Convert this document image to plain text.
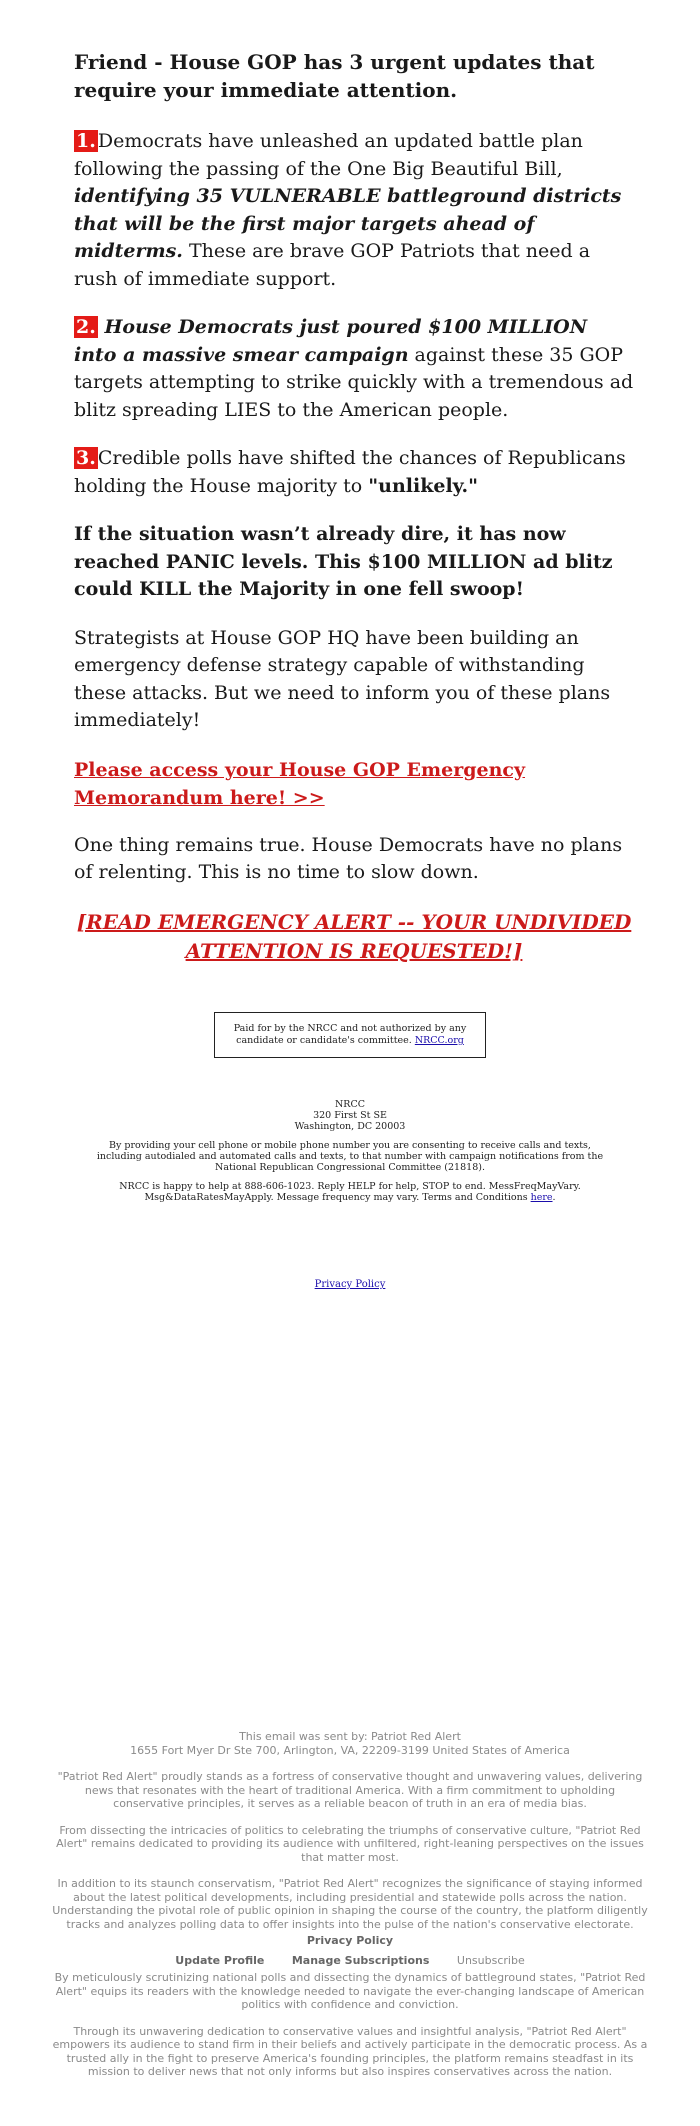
Friend - House GOP has 3 urgent updates that require your immediate attention.

1. Democrats have unleashed an updated battle plan following the passing of the One Big Beautiful Bill, identifying 35 VULNERABLE battleground districts that will be the first major targets ahead of midterms. These are brave GOP Patriots that need a rush of immediate support.

2. House Democrats just poured $100 MILLION into a massive smear campaign against these 35 GOP targets attempting to strike quickly with a tremendous ad blitz spreading LIES to the American people.

3. Credible polls have shifted the chances of Republicans holding the House majority to "unlikely."

If the situation wasn’t already dire, it has now reached PANIC levels. This $100 MILLION ad blitz could KILL the Majority in one fell swoop!

Strategists at House GOP HQ have been building an emergency defense strategy capable of withstanding these attacks. But we need to inform you of these plans immediately!

Please access your House GOP Emergency Memorandum here! >>

One thing remains true. House Democrats have no plans of relenting. This is no time to slow down.

[READ EMERGENCY ALERT -- YOUR UNDIVIDED ATTENTION IS REQUESTED!]
Paid for by the NRCC and not authorized by any candidate or candidate's committee. NRCC.org

NRCC
320 First St SE
Washington, DC 20003

By providing your cell phone or mobile phone number you are consenting to receive calls and texts, including autodialed and automated calls and texts, to that number with campaign notifications from the National Republican Congressional Committee (21818).

NRCC is happy to help at 888-606-1023. Reply HELP for help, STOP to end. MessFreqMayVary. Msg&DataRatesMayApply. Message frequency may vary. Terms and Conditions here.

Privacy Policy

This email was sent by: Patriot Red Alert
1655 Fort Myer Dr Ste 700, Arlington, VA, 22209-3199 United States of America

"Patriot Red Alert" proudly stands as a fortress of conservative thought and unwavering values, delivering news that resonates with the heart of traditional America. With a firm commitment to upholding conservative principles, it serves as a reliable beacon of truth in an era of media bias.

From dissecting the intricacies of politics to celebrating the triumphs of conservative culture, "Patriot Red Alert" remains dedicated to providing its audience with unfiltered, right-leaning perspectives on the issues that matter most.

In addition to its staunch conservatism, "Patriot Red Alert" recognizes the significance of staying informed about the latest political developments, including presidential and statewide polls across the nation. Understanding the pivotal role of public opinion in shaping the course of the country, the platform diligently tracks and analyzes polling data to offer insights into the pulse of the nation's conservative electorate.

Privacy Policy

Update Profile	Manage Subscriptions	Unsubscribe

By meticulously scrutinizing national polls and dissecting the dynamics of battleground states, "Patriot Red Alert" equips its readers with the knowledge needed to navigate the ever-changing landscape of American politics with confidence and conviction.

Through its unwavering dedication to conservative values and insightful analysis, "Patriot Red Alert" empowers its audience to stand firm in their beliefs and actively participate in the democratic process. As a trusted ally in the fight to preserve America's founding principles, the platform remains steadfast in its mission to deliver news that not only informs but also inspires conservatives across the nation.
